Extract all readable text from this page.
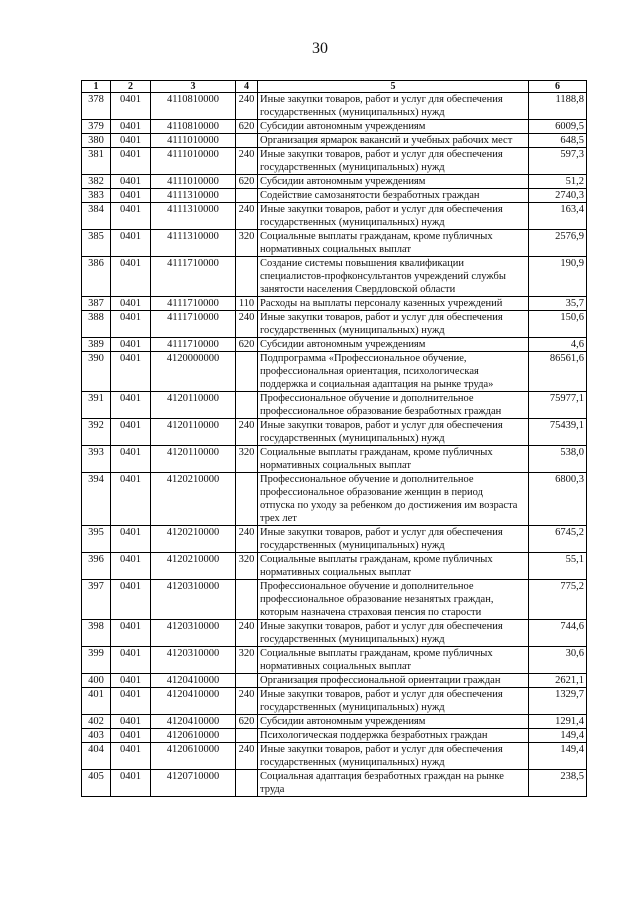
30
1	2	3	4	5	6
378	0401	4110810000	240	Иные закупки товаров, работ и услуг для обеспечения
государственных (муниципальных) нужд	1188,8
379	0401	4110810000	620	Субсидии автономным учреждениям	6009,5
380	0401	4111010000		Организация ярмарок вакансий и учебных рабочих мест	648,5
381	0401	4111010000	240	Иные закупки товаров, работ и услуг для обеспечения
государственных (муниципальных) нужд	597,3
382	0401	4111010000	620	Субсидии автономным учреждениям	51,2
383	0401	4111310000		Содействие самозанятости безработных граждан	2740,3
384	0401	4111310000	240	Иные закупки товаров, работ и услуг для обеспечения
государственных (муниципальных) нужд	163,4
385	0401	4111310000	320	Социальные выплаты гражданам, кроме публичных
нормативных социальных выплат	2576,9
386	0401	4111710000		Создание системы повышения квалификации
специалистов-профконсультантов учреждений службы
занятости населения Свердловской области	190,9
387	0401	4111710000	110	Расходы на выплаты персоналу казенных учреждений	35,7
388	0401	4111710000	240	Иные закупки товаров, работ и услуг для обеспечения
государственных (муниципальных) нужд	150,6
389	0401	4111710000	620	Субсидии автономным учреждениям	4,6
390	0401	4120000000		Подпрограмма «Профессиональное обучение,
профессиональная ориентация, психологическая
поддержка и социальная адаптация на рынке труда»	86561,6
391	0401	4120110000		Профессиональное обучение и дополнительное
профессиональное образование безработных граждан	75977,1
392	0401	4120110000	240	Иные закупки товаров, работ и услуг для обеспечения
государственных (муниципальных) нужд	75439,1
393	0401	4120110000	320	Социальные выплаты гражданам, кроме публичных
нормативных социальных выплат	538,0
394	0401	4120210000		Профессиональное обучение и дополнительное
профессиональное образование женщин в период
отпуска по уходу за ребенком до достижения им возраста
трех лет	6800,3
395	0401	4120210000	240	Иные закупки товаров, работ и услуг для обеспечения
государственных (муниципальных) нужд	6745,2
396	0401	4120210000	320	Социальные выплаты гражданам, кроме публичных
нормативных социальных выплат	55,1
397	0401	4120310000		Профессиональное обучение и дополнительное
профессиональное образование незанятых граждан,
которым назначена страховая пенсия по старости	775,2
398	0401	4120310000	240	Иные закупки товаров, работ и услуг для обеспечения
государственных (муниципальных) нужд	744,6
399	0401	4120310000	320	Социальные выплаты гражданам, кроме публичных
нормативных социальных выплат	30,6
400	0401	4120410000		Организация профессиональной ориентации граждан	2621,1
401	0401	4120410000	240	Иные закупки товаров, работ и услуг для обеспечения
государственных (муниципальных) нужд	1329,7
402	0401	4120410000	620	Субсидии автономным учреждениям	1291,4
403	0401	4120610000		Психологическая поддержка безработных граждан	149,4
404	0401	4120610000	240	Иные закупки товаров, работ и услуг для обеспечения
государственных (муниципальных) нужд	149,4
405	0401	4120710000		Социальная адаптация безработных граждан на рынке
труда	238,5
